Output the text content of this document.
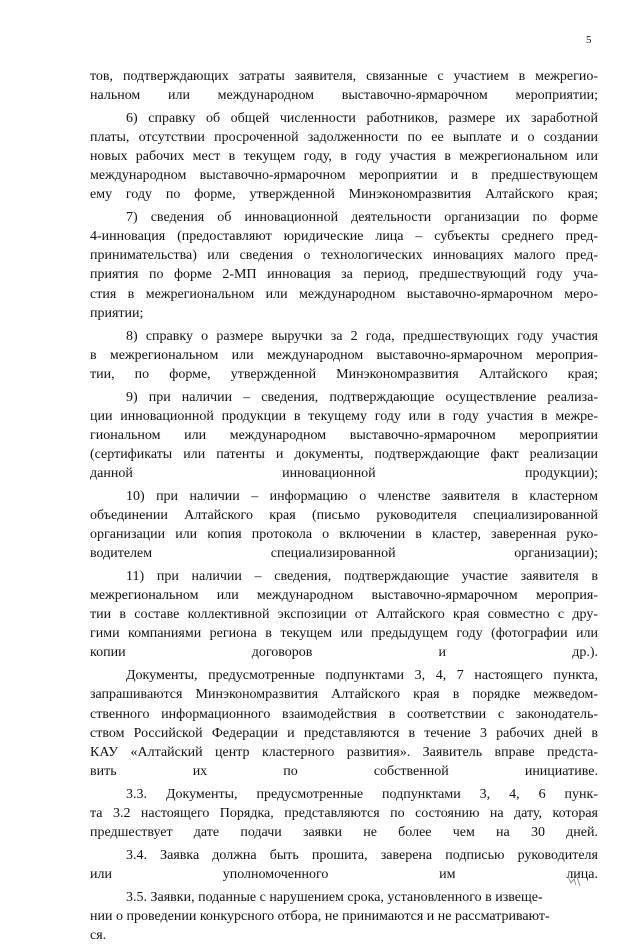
5

тов, подтверждающих затраты заявителя, связанные с участием в межрегио-
нальном или международном выставочно-ярмарочном мероприятии;

6) справку об общей численности работников, размере их заработной
платы, отсутствии просроченной задолженности по ее выплате и о создании
новых рабочих мест в текущем году, в году участия в межрегиональном или
международном выставочно-ярмарочном мероприятии и в предшествующем
ему году по форме, утвержденной Минэкономразвития Алтайского края;

7) сведения об инновационной деятельности организации по форме
4-инновация (предоставляют юридические лица – субъекты среднего пред-
принимательства) или сведения о технологических инновациях малого пред-
приятия по форме 2-МП инновация за период, предшествующий году уча-
стия в межрегиональном или международном выставочно-ярмарочном меро-
приятии;

8) справку о размере выручки за 2 года, предшествующих году участия
в межрегиональном или международном выставочно-ярмарочном мероприя-
тии, по форме, утвержденной Минэкономразвития Алтайского края;

9) при наличии – сведения, подтверждающие осуществление реализа-
ции инновационной продукции в текущему году или в году участия в межре-
гиональном или международном выставочно-ярмарочном мероприятии
(сертификаты или патенты и документы, подтверждающие факт реализации
данной инновационной продукции);

10) при наличии – информацию о членстве заявителя в кластерном
объединении Алтайского края (письмо руководителя специализированной
организации или копия протокола о включении в кластер, заверенная руко-
водителем специализированной организации);

11) при наличии – сведения, подтверждающие участие заявителя в
межрегиональном или международном выставочно-ярмарочном мероприя-
тии в составе коллективной экспозиции от Алтайского края совместно с дру-
гими компаниями региона в текущем или предыдущем году (фотографии или
копии договоров и др.).

Документы, предусмотренные подпунктами 3, 4, 7 настоящего пункта,
запрашиваются Минэкономразвития Алтайского края в порядке межведом-
ственного информационного взаимодействия в соответствии с законодатель-
ством Российской Федерации и представляются в течение 3 рабочих дней в
КАУ «Алтайский центр кластерного развития». Заявитель вправе предста-
вить их по собственной инициативе.

3.3. Документы, предусмотренные подпунктами 3, 4, 6 пунк-
та 3.2 настоящего Порядка, представляются по состоянию на дату, которая
предшествует дате подачи заявки не более чем на 30 дней.

3.4. Заявка должна быть прошита, заверена подписью руководителя
или уполномоченного им лица.

3.5. Заявки, поданные с нарушением срока, установленного в извеще-
нии о проведении конкурсного отбора, не принимаются и не рассматривают-
ся.
